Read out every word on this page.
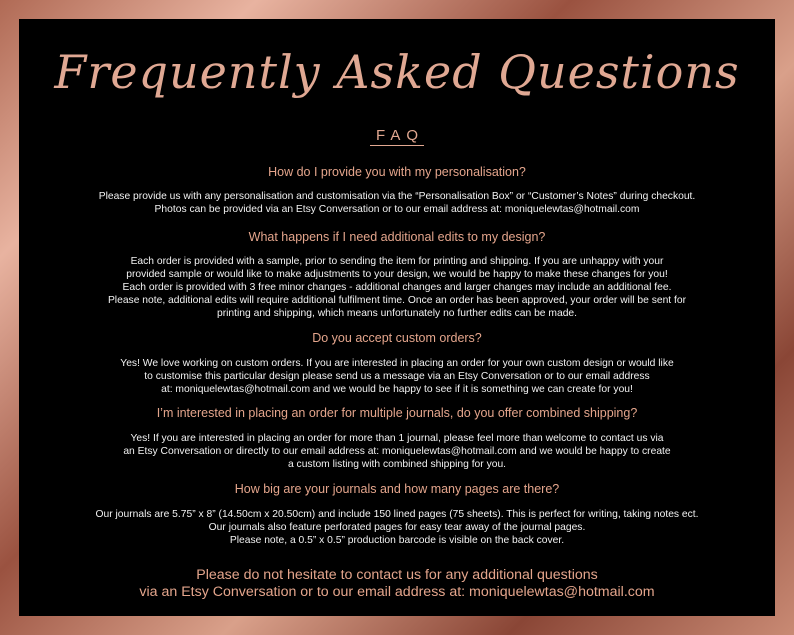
Frequently Asked Questions
FAQ
How do I provide you with my personalisation?
Please provide us with any personalisation and customisation via the “Personalisation Box” or “Customer’s Notes” during checkout.
Photos can be provided via an Etsy Conversation or to our email address at: moniquelewtas@hotmail.com
What happens if I need additional edits to my design?
Each order is provided with a sample, prior to sending the item for printing and shipping. If you are unhappy with your
provided sample or would like to make adjustments to your design, we would be happy to make these changes for you!
Each order is provided with 3 free minor changes - additional changes and larger changes may include an additional fee.
Please note, additional edits will require additional fulfilment time. Once an order has been approved, your order will be sent for
printing and shipping, which means unfortunately no further edits can be made.
Do you accept custom orders?
Yes! We love working on custom orders. If you are interested in placing an order for your own custom design or would like
to customise this particular design please send us a message via an Etsy Conversation or to our email address
at: moniquelewtas@hotmail.com and we would be happy to see if it is something we can create for you!
I’m interested in placing an order for multiple journals, do you offer combined shipping?
Yes! If you are interested in placing an order for more than 1 journal, please feel more than welcome to contact us via
an Etsy Conversation or directly to our email address at: moniquelewtas@hotmail.com and we would be happy to create
a custom listing with combined shipping for you.
How big are your journals and how many pages are there?
Our journals are 5.75” x 8” (14.50cm x 20.50cm) and include 150 lined pages (75 sheets). This is perfect for writing, taking notes ect.
Our journals also feature perforated pages for easy tear away of the journal pages.
Please note, a 0.5” x 0.5” production barcode is visible on the back cover.
Please do not hesitate to contact us for any additional questions
via an Etsy Conversation or to our email address at: moniquelewtas@hotmail.com
